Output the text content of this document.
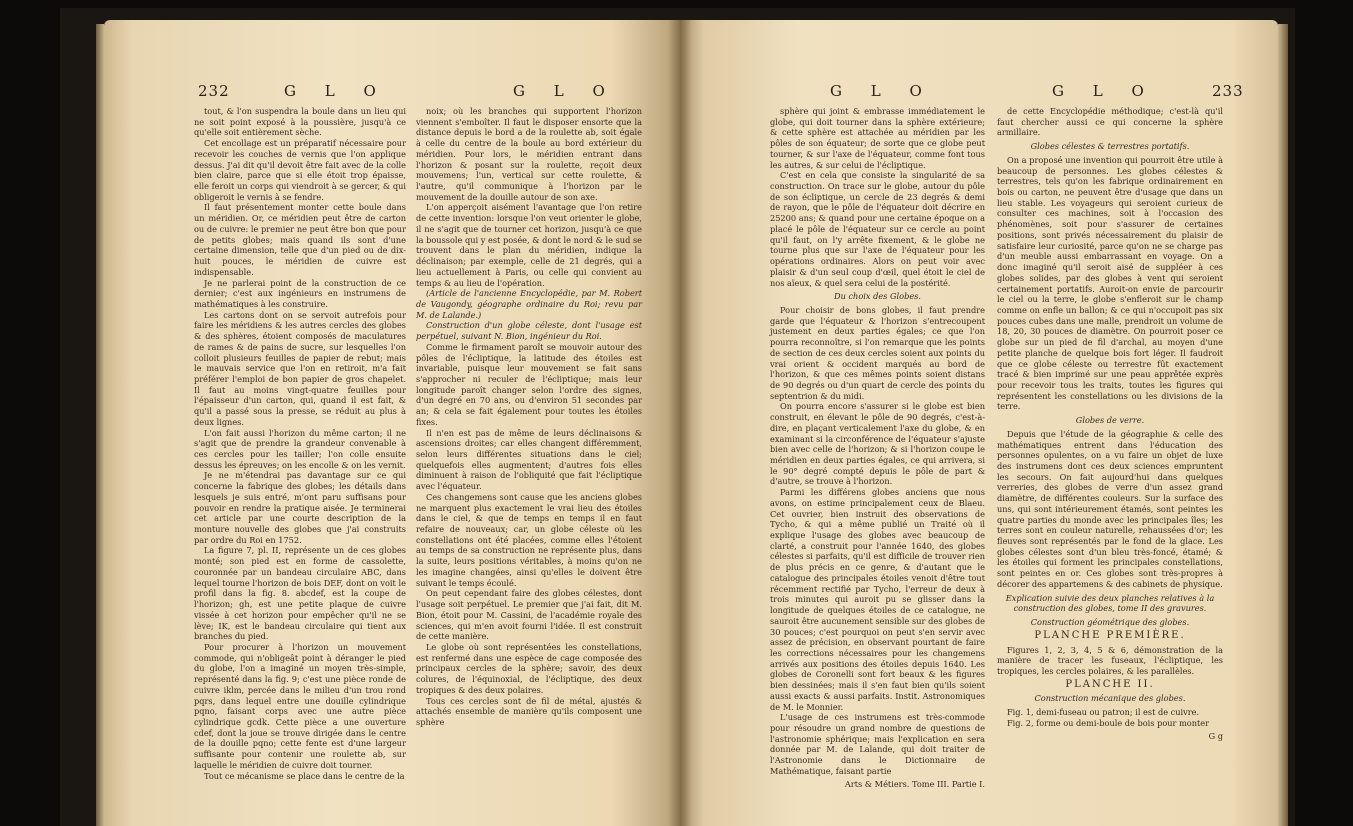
232	G L O	G L O

tout, & l'on suspendra la boule dans un lieu qui ne soit point exposé à la poussière, jusqu'à ce qu'elle soit entièrement sèche.

Cet encollage est un préparatif nécessaire pour recevoir les couches de vernis que l'on applique dessus. J'ai dit qu'il devoit être fait avec de la colle bien claire, parce que si elle étoit trop épaisse, elle feroit un corps qui viendroit à se gercer, & qui obligeroit le vernis à se fendre.

Il faut présentement monter cette boule dans un méridien. Or, ce méridien peut être de carton ou de cuivre: le premier ne peut être bon que pour de petits globes; mais quand ils sont d'une certaine dimension, telle que d'un pied ou de dix-huit pouces, le méridien de cuivre est indispensable.

Je ne parlerai point de la construction de ce dernier; c'est aux ingénieurs en instrumens de mathématiques à les construire.

Les cartons dont on se servoit autrefois pour faire les méridiens & les autres cercles des globes & des sphères, étoient composés de maculatures de rames & de pains de sucre, sur lesquelles l'on colloit plusieurs feuilles de papier de rebut; mais le mauvais service que l'on en retiroit, m'a fait préférer l'emploi de bon papier de gros chapelet. Il faut au moins vingt-quatre feuilles pour l'épaisseur d'un carton, qui, quand il est fait, & qu'il a passé sous la presse, se réduit au plus à deux lignes.

L'on fait aussi l'horizon du même carton; il ne s'agit que de prendre la grandeur convenable à ces cercles pour les tailler; l'on colle ensuite dessus les épreuves; on les encolle & on les vernit.

Je ne m'étendrai pas davantage sur ce qui concerne la fabrique des globes; les détails dans lesquels je suis entré, m'ont paru suffisans pour pouvoir en rendre la pratique aisée. Je terminerai cet article par une courte description de la monture nouvelle des globes que j'ai construits par ordre du Roi en 1752.

La figure 7, pl. II, représente un de ces globes monté; son pied est en forme de cassolette, couronnée par un bandeau circulaire ABC, dans lequel tourne l'horizon de bois DEF, dont on voit le profil dans la fig. 8. abcdef, est la coupe de l'horizon; gh, est une petite plaque de cuivre vissée à cet horizon pour empêcher qu'il ne se lève; IK, est le bandeau circulaire qui tient aux branches du pied.

Pour procurer à l'horizon un mouvement commode, qui n'obligeât point à déranger le pied du globe, l'on a imaginé un moyen très-simple, représenté dans la fig. 9; c'est une pièce ronde de cuivre iklm, percée dans le milieu d'un trou rond pqrs, dans lequel entre une douille cylindrique pqno, faisant corps avec une autre pièce cylindrique gcdk. Cette pièce a une ouverture cdef, dont la joue se trouve dirigée dans le centre de la douille pqno; cette fente est d'une largeur suffisante pour contenir une roulette ab, sur laquelle le méridien de cuivre doit tourner.

Tout ce mécanisme se place dans le centre de la

noix; où les branches qui supportent l'horizon viennent s'emboîter. Il faut le disposer ensorte que la distance depuis le bord a de la roulette ab, soit égale à celle du centre de la boule au bord extérieur du méridien. Pour lors, le méridien entrant dans l'horizon & posant sur la roulette, reçoit deux mouvemens; l'un, vertical sur cette roulette, & l'autre, qu'il communique à l'horizon par le mouvement de la douille autour de son axe.

L'on apperçoit aisément l'avantage que l'on retire de cette invention: lorsque l'on veut orienter le globe, il ne s'agit que de tourner cet horizon, jusqu'à ce que la boussole qui y est posée, & dont le nord & le sud se trouvent dans le plan du méridien, indique la déclinaison; par exemple, celle de 21 degrés, qui a lieu actuellement à Paris, ou celle qui convient au temps & au lieu de l'opération.

(Article de l'ancienne Encyclopédie, par M. Robert de Vaugondy, géographe ordinaire du Roi; revu par M. de Lalande.)

Construction d'un globe céleste, dont l'usage est perpétuel, suivant N. Bion, ingénieur du Roi.

Comme le firmament paroît se mouvoir autour des pôles de l'écliptique, la latitude des étoiles est invariable, puisque leur mouvement se fait sans s'approcher ni reculer de l'écliptique; mais leur longitude paroît changer selon l'ordre des signes, d'un degré en 70 ans, ou d'environ 51 secondes par an; & cela se fait également pour toutes les étoiles fixes.

Il n'en est pas de même de leurs déclinaisons & ascensions droites; car elles changent différemment, selon leurs différentes situations dans le ciel; quelquefois elles augmentent; d'autres fois elles diminuent à raison de l'obliquité que fait l'écliptique avec l'équateur.

Ces changemens sont cause que les anciens globes ne marquent plus exactement le vrai lieu des étoiles dans le ciel, & que de temps en temps il en faut refaire de nouveaux; car, un globe céleste où les constellations ont été placées, comme elles l'étoient au temps de sa construction ne représente plus, dans la suite, leurs positions véritables, à moins qu'on ne les imagine changées, ainsi qu'elles le doivent être suivant le temps écoulé.

On peut cependant faire des globes célestes, dont l'usage soit perpétuel. Le premier que j'ai fait, dit M. Bion, étoit pour M. Cassini, de l'académie royale des sciences, qui m'en avoit fourni l'idée. Il est construit de cette manière.

Le globe où sont représentées les constellations, est renfermé dans une espèce de cage composée des principaux cercles de la sphère; savoir, des deux colures, de l'équinoxial, de l'écliptique, des deux tropiques & des deux polaires.

Tous ces cercles sont de fil de métal, ajustés & attachés ensemble de manière qu'ils composent une sphère

G L O	G L O	233

sphère qui joint & embrasse immédiatement le globe, qui doit tourner dans la sphère extérieure; & cette sphère est attachée au méridien par les pôles de son équateur; de sorte que ce globe peut tourner, & sur l'axe de l'équateur, comme font tous les autres, & sur celui de l'écliptique.

C'est en cela que consiste la singularité de sa construction. On trace sur le globe, autour du pôle de son écliptique, un cercle de 23 degrés & demi de rayon, que le pôle de l'équateur doit décrire en 25200 ans; & quand pour une certaine époque on a placé le pôle de l'équateur sur ce cercle au point qu'il faut, on l'y arrête fixement, & le globe ne tourne plus que sur l'axe de l'équateur pour les opérations ordinaires. Alors on peut voir avec plaisir & d'un seul coup d'œil, quel étoit le ciel de nos aïeux, & quel sera celui de la postérité.

Du choix des Globes.

Pour choisir de bons globes, il faut prendre garde que l'équateur & l'horizon s'entrecoupent justement en deux parties égales; ce que l'on pourra reconnoître, si l'on remarque que les points de section de ces deux cercles soient aux points du vrai orient & occident marqués au bord de l'horizon, & que ces mêmes points soient distans de 90 degrés ou d'un quart de cercle des points du septentrion & du midi.

On pourra encore s'assurer si le globe est bien construit, en élevant le pôle de 90 degrés, c'est-à-dire, en plaçant verticalement l'axe du globe, & en examinant si la circonférence de l'équateur s'ajuste bien avec celle de l'horizon; & si l'horizon coupe le méridien en deux parties égales, ce qui arrivera, si le 90° degré compté depuis le pôle de part & d'autre, se trouve à l'horizon.

Parmi les différens globes anciens que nous avons, on estime principalement ceux de Blaeu. Cet ouvrier, bien instruit des observations de Tycho, & qui a même publié un Traité où il explique l'usage des globes avec beaucoup de clarté, a construit pour l'année 1640, des globes célestes si parfaits, qu'il est difficile de trouver rien de plus précis en ce genre, & d'autant que le catalogue des principales étoiles venoit d'être tout récemment rectifié par Tycho, l'erreur de deux à trois minutes qui auroit pu se glisser dans la longitude de quelques étoiles de ce catalogue, ne sauroit être aucunement sensible sur des globes de 30 pouces; c'est pourquoi on peut s'en servir avec assez de précision, en observant pourtant de faire les corrections nécessaires pour les changemens arrivés aux positions des étoiles depuis 1640. Les globes de Coronelli sont fort beaux & les figures bien dessinées; mais il s'en faut bien qu'ils soient aussi exacts & aussi parfaits. Instit. Astronomiques de M. le Monnier.

L'usage de ces instrumens est très-commode pour résoudre un grand nombre de questions de l'astronomie sphérique; mais l'explication en sera donnée par M. de Lalande, qui doit traiter de l'Astronomie dans le Dictionnaire de Mathématique, faisant partie

Arts & Métiers. Tome III. Partie I.

de cette Encyclopédie méthodique; c'est-là qu'il faut chercher aussi ce qui concerne la sphère armillaire.

Globes célestes & terrestres portatifs.

On a proposé une invention qui pourroit être utile à beaucoup de personnes. Les globes célestes & terrestres, tels qu'on les fabrique ordinairement en bois ou carton, ne peuvent être d'usage que dans un lieu stable. Les voyageurs qui seroient curieux de consulter ces machines, soit à l'occasion des phénomènes, soit pour s'assurer de certaines positions, sont privés nécessairement du plaisir de satisfaire leur curiosité, parce qu'on ne se charge pas d'un meuble aussi embarrassant en voyage. On a donc imaginé qu'il seroit aisé de suppléer à ces globes solides, par des globes à vent qui seroient certainement portatifs. Auroit-on envie de parcourir le ciel ou la terre, le globe s'enfleroit sur le champ comme on enfle un ballon; & ce qui n'occupoit pas six pouces cubes dans une malle, prendroit un volume de 18, 20, 30 pouces de diamètre. On pourroit poser ce globe sur un pied de fil d'archal, au moyen d'une petite planche de quelque bois fort léger. Il faudroit que ce globe céleste ou terrestre fût exactement tracé & bien imprimé sur une peau apprêtée exprès pour recevoir tous les traits, toutes les figures qui représentent les constellations ou les divisions de la terre.

Globes de verre.

Depuis que l'étude de la géographie & celle des mathématiques entrent dans l'éducation des personnes opulentes, on a vu faire un objet de luxe des instrumens dont ces deux sciences empruntent les secours. On fait aujourd'hui dans quelques verreries, des globes de verre d'un assez grand diamètre, de différentes couleurs. Sur la surface des uns, qui sont intérieurement étamés, sont peintes les quatre parties du monde avec les principales îles; les terres sont en couleur naturelle, rehaussées d'or; les fleuves sont représentés par le fond de la glace. Les globes célestes sont d'un bleu très-foncé, étamé; & les étoiles qui forment les principales constellations, sont peintes en or. Ces globes sont très-propres à décorer des appartemens & des cabinets de physique.

Explication suivie des deux planches relatives à la construction des globes, tome II des gravures.

Construction géométrique des globes.

PLANCHE PREMIÈRE.

Figures 1, 2, 3, 4, 5 & 6, démonstration de la manière de tracer les fuseaux, l'écliptique, les tropiques, les cercles polaires, & les parallèles.

PLANCHE II.

Construction mécanique des globes.

Fig. 1, demi-fuseau ou patron; il est de cuivre.

Fig. 2, forme ou demi-boule de bois pour monter

G g
